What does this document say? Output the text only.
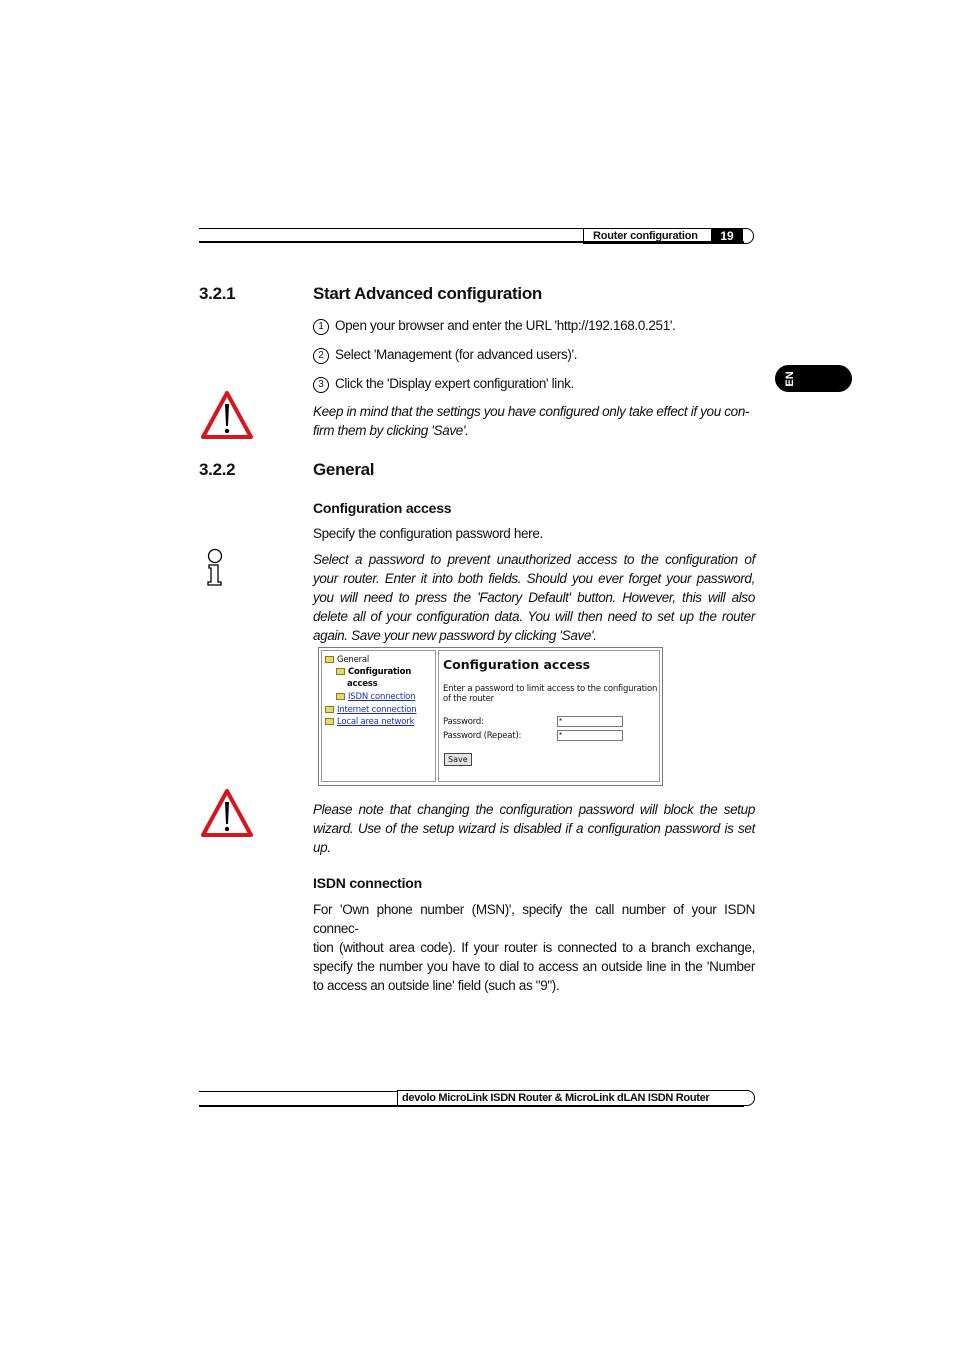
Router configuration	19
EN
3.2.1	Start Advanced configuration
1 Open your browser and enter the URL 'http://192.168.0.251'.
2 Select 'Management (for advanced users)'.
3 Click the 'Display expert configuration' link.
Keep in mind that the settings you have configured only take effect if you con-
firm them by clicking 'Save'.
3.2.2	General
Configuration access
Specify the configuration password here.
Select a password to prevent unauthorized access to the configuration of
your router. Enter it into both fields. Should you ever forget your password,
you will need to press the 'Factory Default' button. However, this will also
delete all of your configuration data. You will then need to set up the router
again. Save your new password by clicking 'Save'.
General
Configuration
access
ISDN connection
Internet connection
Local area network
Configuration access
Enter a password to limit access to the configuration
of the router
Password:	*
Password (Repeat):	*
Save
Please note that changing the configuration password will block the setup
wizard. Use of the setup wizard is disabled if a configuration password is set
up.
ISDN connection
For 'Own phone number (MSN)', specify the call number of your ISDN connec-
tion (without area code). If your router is connected to a branch exchange,
specify the number you have to dial to access an outside line in the 'Number
to access an outside line' field (such as "9").
devolo MicroLink ISDN Router & MicroLink dLAN ISDN Router
